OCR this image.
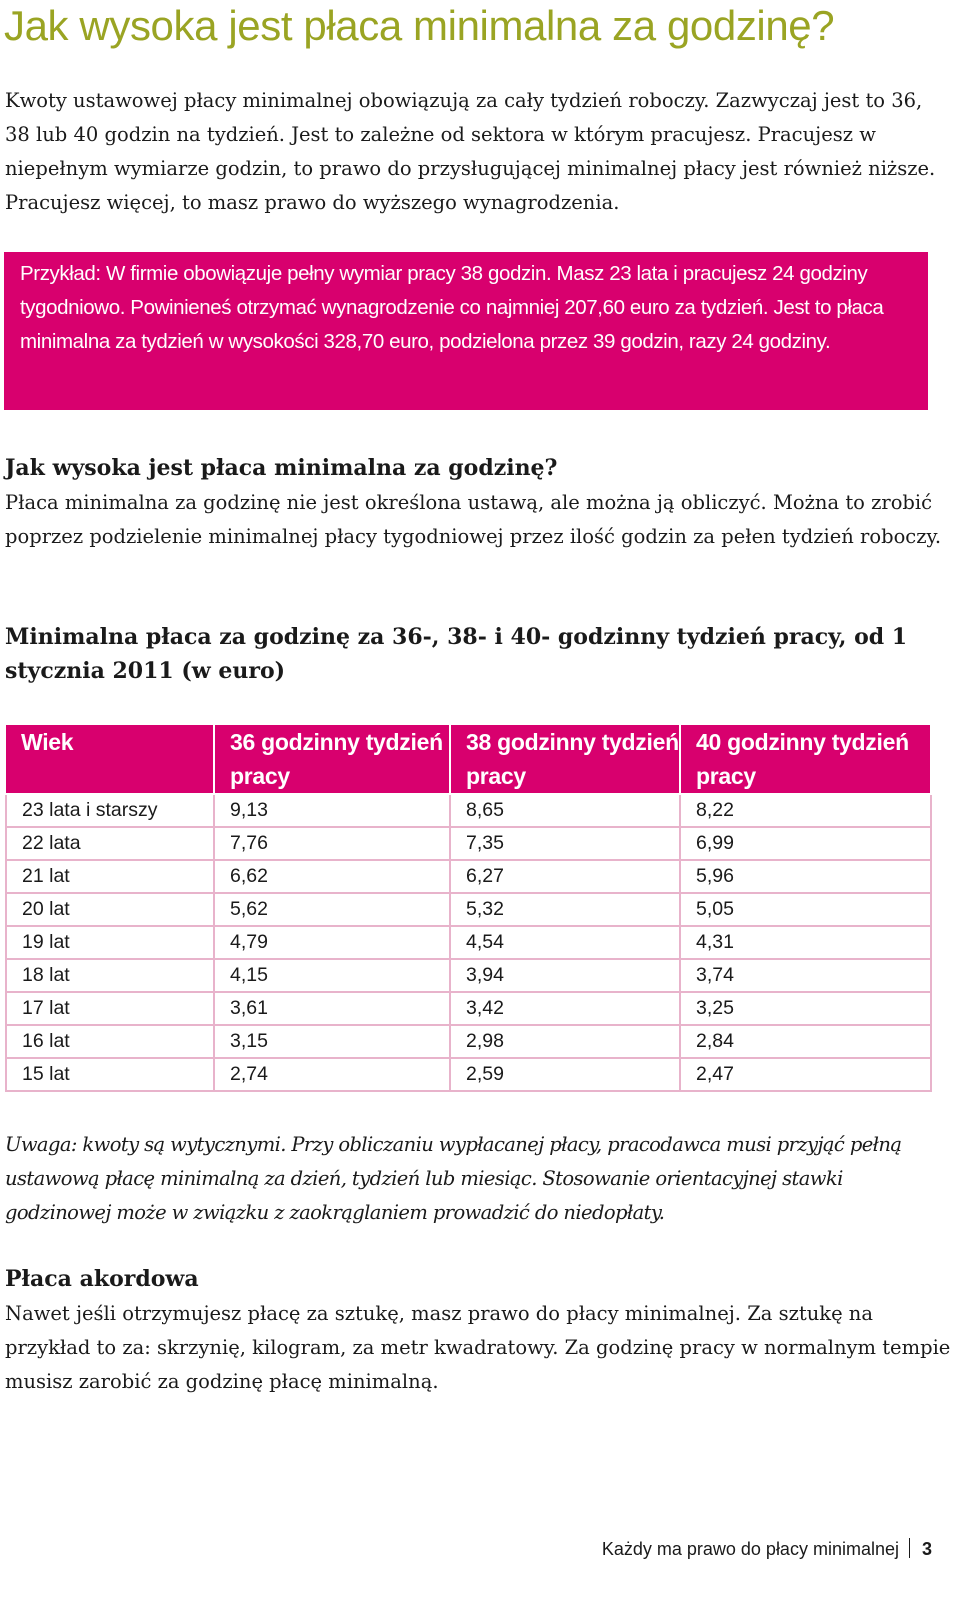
Jak wysoka jest płaca minimalna za godzinę?
Kwoty ustawowej płacy minimalnej obowiązują za cały tydzień roboczy. Zazwyczaj jest to 36, 38 lub 40 godzin na tydzień. Jest to zależne od sektora w którym pracujesz. Pracujesz w niepełnym wymiarze godzin, to prawo do przysługującej minimalnej płacy jest również niższe. Pracujesz więcej, to masz prawo do wyższego wynagrodzenia.
Przykład: W firmie obowiązuje pełny wymiar pracy 38 godzin. Masz 23 lata i pracujesz 24 godziny tygodniowo. Powinieneś otrzymać wynagrodzenie co najmniej 207,60 euro za tydzień. Jest to płaca minimalna za tydzień w wysokości 328,70 euro, podzielona przez 39 godzin, razy 24 godziny.
Jak wysoka jest płaca minimalna za godzinę?
Płaca minimalna za godzinę nie jest określona ustawą, ale można ją obliczyć. Można to zrobić poprzez podzielenie minimalnej płacy tygodniowej przez ilość godzin za pełen tydzień roboczy.
Minimalna płaca za godzinę za 36-, 38- i 40- godzinny tydzień pracy, od 1 stycznia 2011 (w euro)
Wiek	36 godzinny tydzień pracy	38 godzinny tydzień pracy	40 godzinny tydzień pracy
23 lata i starszy	9,13	8,65	8,22
22 lata	7,76	7,35	6,99
21 lat	6,62	6,27	5,96
20 lat	5,62	5,32	5,05
19 lat	4,79	4,54	4,31
18 lat	4,15	3,94	3,74
17 lat	3,61	3,42	3,25
16 lat	3,15	2,98	2,84
15 lat	2,74	2,59	2,47
Uwaga: kwoty są wytycznymi. Przy obliczaniu wypłacanej płacy, pracodawca musi przyjąć pełną ustawową płacę minimalną za dzień, tydzień lub miesiąc. Stosowanie orientacyjnej stawki godzinowej może w związku z zaokrąglaniem prowadzić do niedopłaty.
Płaca akordowa
Nawet jeśli otrzymujesz płacę za sztukę, masz prawo do płacy minimalnej. Za sztukę na przykład to za: skrzynię, kilogram, za metr kwadratowy. Za godzinę pracy w normalnym tempie musisz zarobić za godzinę płacę minimalną.
Każdy ma prawo do płacy minimalnej 3
